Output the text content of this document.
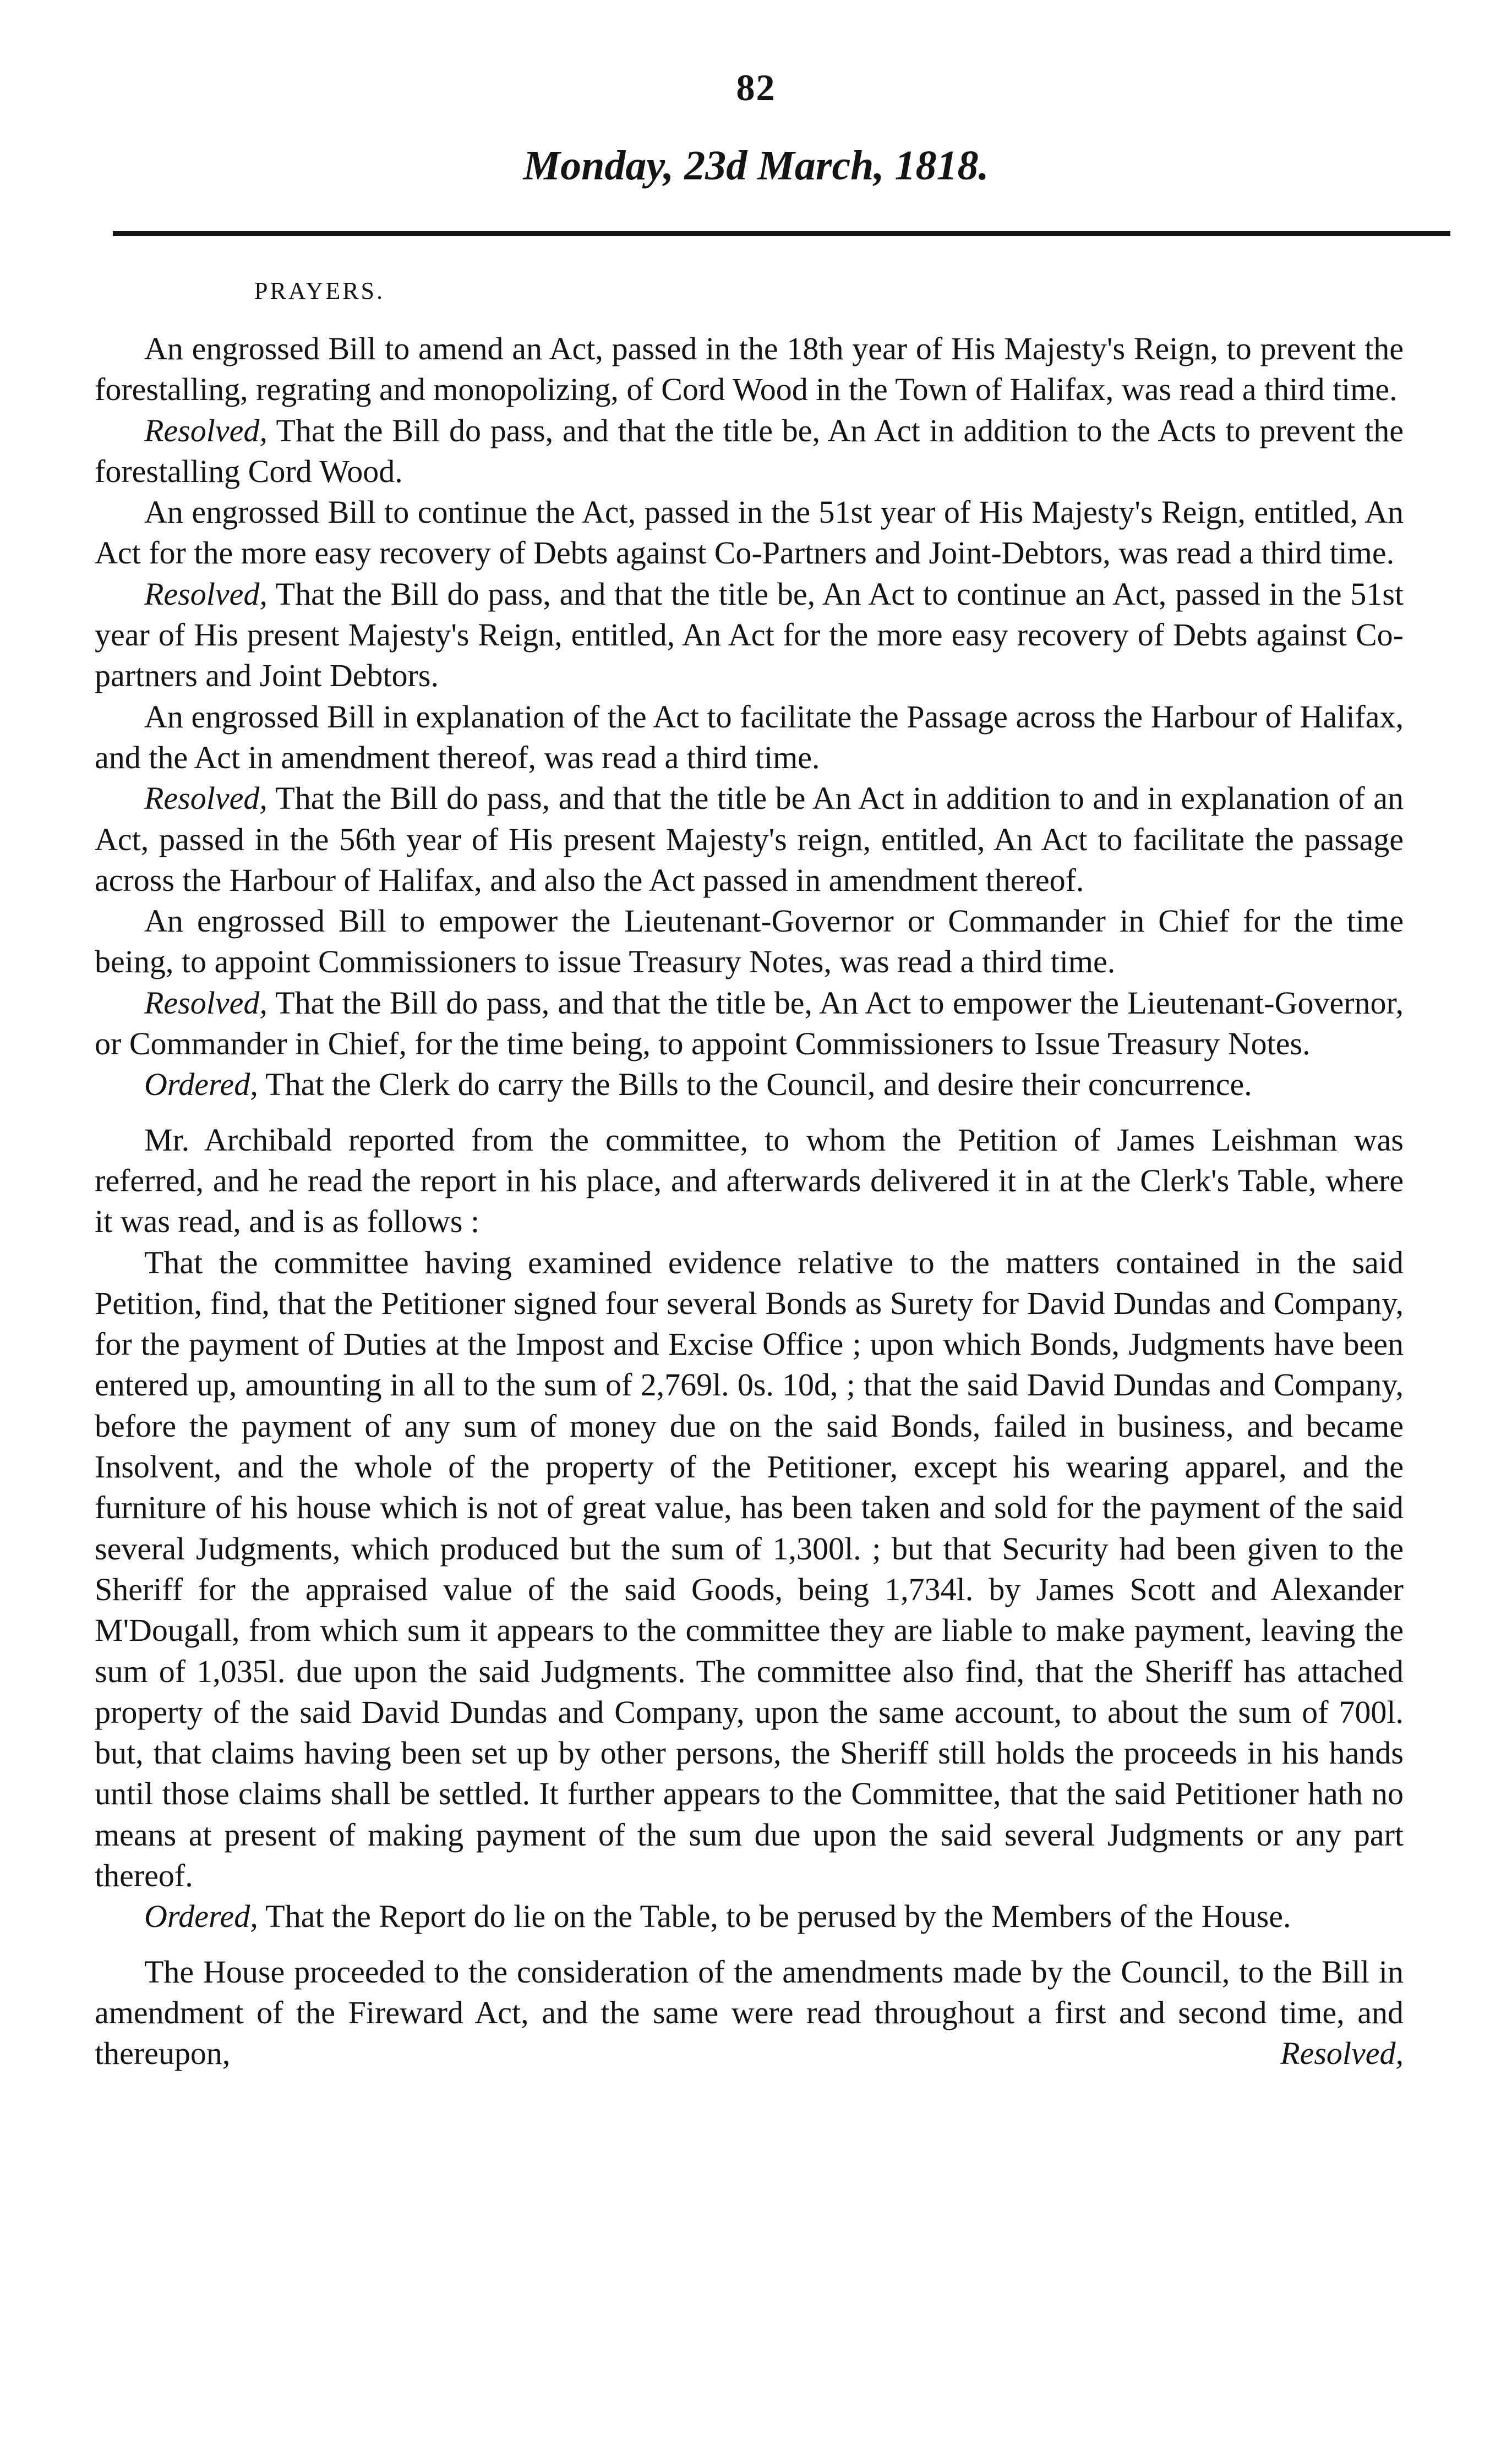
82
Monday, 23d March, 1818.

PRAYERS.

An engrossed Bill to amend an Act, passed in the 18th year of His Majesty's Reign, to prevent the forestalling, regrating and monopolizing, of Cord Wood in the Town of Halifax, was read a third time.

Resolved, That the Bill do pass, and that the title be, An Act in addition to the Acts to prevent the forestalling Cord Wood.

An engrossed Bill to continue the Act, passed in the 51st year of His Majesty's Reign, entitled, An Act for the more easy recovery of Debts against Co-Partners and Joint-Debtors, was read a third time.

Resolved, That the Bill do pass, and that the title be, An Act to continue an Act, passed in the 51st year of His present Majesty's Reign, entitled, An Act for the more easy recovery of Debts against Co-partners and Joint Debtors.

An engrossed Bill in explanation of the Act to facilitate the Passage across the Harbour of Halifax, and the Act in amendment thereof, was read a third time.

Resolved, That the Bill do pass, and that the title be An Act in addition to and in explanation of an Act, passed in the 56th year of His present Majesty's reign, entitled, An Act to facilitate the passage across the Harbour of Halifax, and also the Act passed in amendment thereof.

An engrossed Bill to empower the Lieutenant-Governor or Commander in Chief for the time being, to appoint Commissioners to issue Treasury Notes, was read a third time.

Resolved, That the Bill do pass, and that the title be, An Act to empower the Lieutenant-Governor, or Commander in Chief, for the time being, to appoint Commissioners to Issue Treasury Notes.

Ordered, That the Clerk do carry the Bills to the Council, and desire their concurrence.

Mr. Archibald reported from the committee, to whom the Petition of James Leishman was referred, and he read the report in his place, and afterwards delivered it in at the Clerk's Table, where it was read, and is as follows :

That the committee having examined evidence relative to the matters contained in the said Petition, find, that the Petitioner signed four several Bonds as Surety for David Dundas and Company, for the payment of Duties at the Impost and Excise Office ; upon which Bonds, Judgments have been entered up, amounting in all to the sum of 2,769l. 0s. 10d, ; that the said David Dundas and Company, before the payment of any sum of money due on the said Bonds, failed in business, and became Insolvent, and the whole of the property of the Petitioner, except his wearing apparel, and the furniture of his house which is not of great value, has been taken and sold for the payment of the said several Judgments, which produced but the sum of 1,300l. ; but that Security had been given to the Sheriff for the appraised value of the said Goods, being 1,734l. by James Scott and Alexander M'Dougall, from which sum it appears to the committee they are liable to make payment, leaving the sum of 1,035l. due upon the said Judgments. The committee also find, that the Sheriff has attached property of the said David Dundas and Company, upon the same account, to about the sum of 700l. but, that claims having been set up by other persons, the Sheriff still holds the proceeds in his hands until those claims shall be settled. It further appears to the Committee, that the said Petitioner hath no means at present of making payment of the sum due upon the said several Judgments or any part thereof.

Ordered, That the Report do lie on the Table, to be perused by the Members of the House.

The House proceeded to the consideration of the amendments made by the Council, to the Bill in amendment of the Fireward Act, and the same were read throughout a first and second time, and thereupon,	Resolved,
